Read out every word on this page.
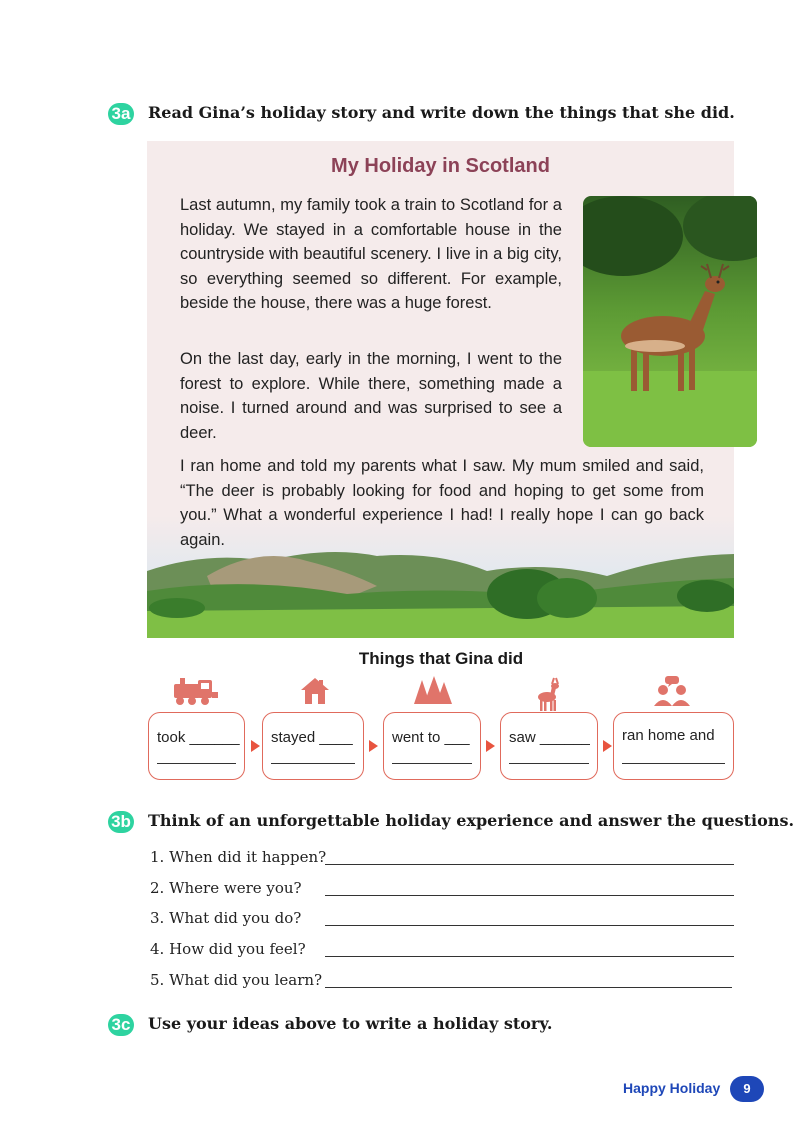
3a Read Gina’s holiday story and write down the things that she did.
My Holiday in Scotland

Last autumn, my family took a train to Scotland for a holiday. We stayed in a comfortable house in the countryside with beautiful scenery. I live in a big city, so everything seemed so different. For example, beside the house, there was a huge forest.

On the last day, early in the morning, I went to the forest to explore. While there, something made a noise. I turned around and was surprised to see a deer.

I ran home and told my parents what I saw. My mum smiled and said, “The deer is probably looking for food and hoping to get some from you.” What a wonderful experience I had! I really hope I can go back again.

Things that Gina did
took ______ stayed ____	went to ___	saw ______ ran home and
3b Think of an unforgettable holiday experience and answer the questions.
1. When did it happen?
2. Where were you?
3. What did you do?
4. How did you feel?
5. What did you learn?
3c Use your ideas above to write a holiday story.
Happy Holiday	9
